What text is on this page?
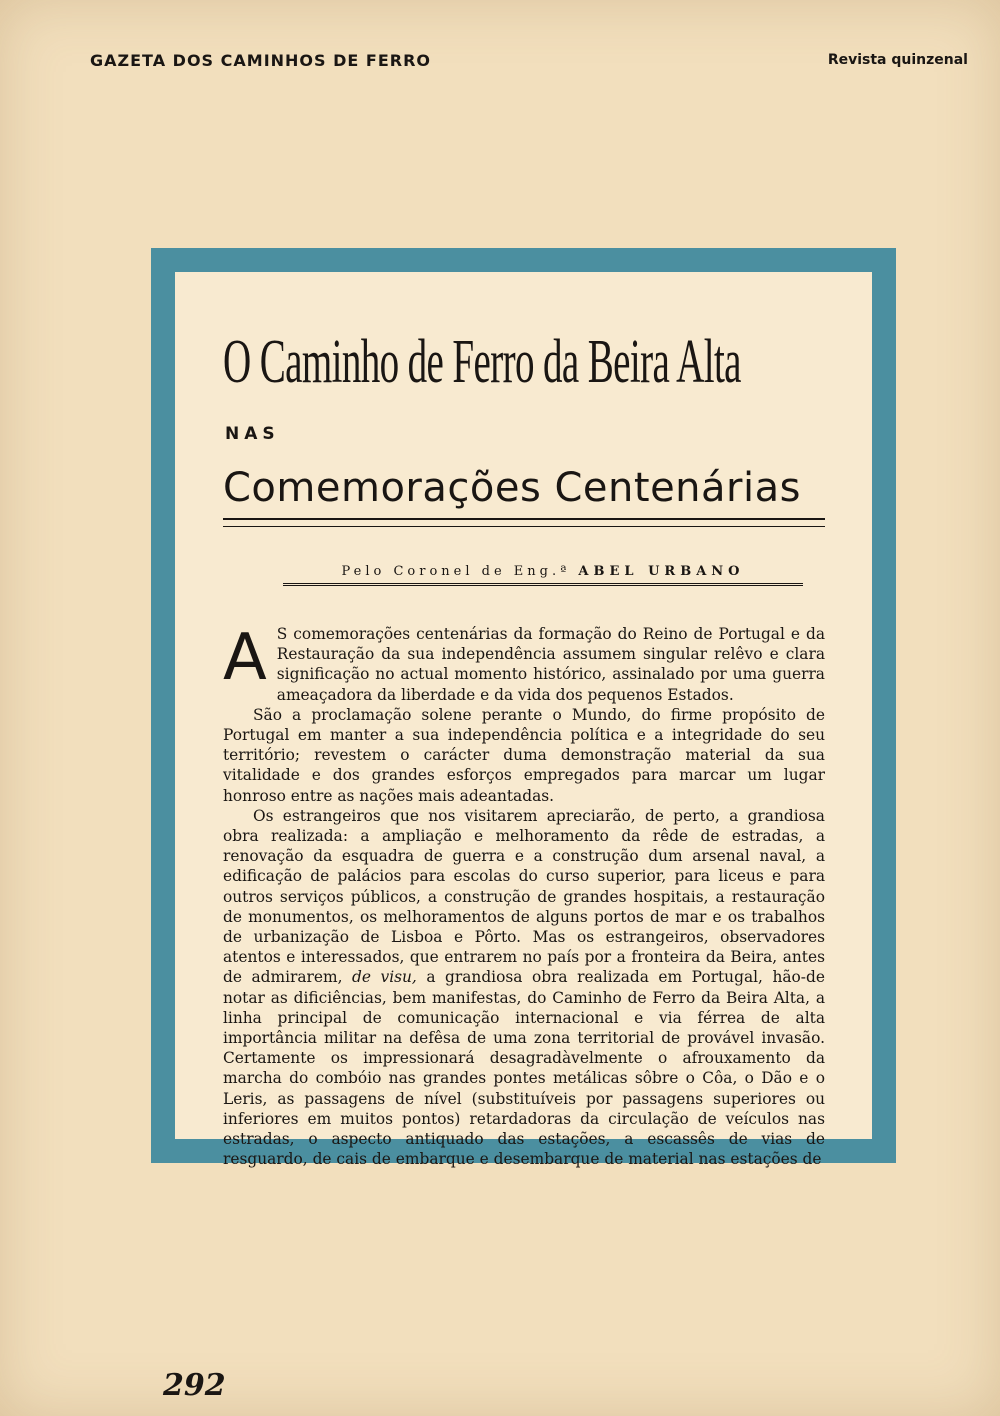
GAZETA DOS CAMINHOS DE FERRO	Revista quinzenal
O Caminho de Ferro da Beira Alta
NAS
Comemorações Centenárias
Pelo Coronel de Eng.ª ABEL URBANO
A S comemorações centenárias da formação do Reino de Portugal e da Restauração da sua independência assumem singular relêvo e clara significação no actual momento histórico, assinalado por uma guerra ameaçadora da liberdade e da vida dos pequenos Estados.

São a proclamação solene perante o Mundo, do firme propósito de Portugal em manter a sua independência política e a integridade do seu território; revestem o carácter duma demonstração material da sua vitalidade e dos grandes esforços empregados para marcar um lugar honroso entre as nações mais adeantadas.

Os estrangeiros que nos visitarem apreciarão, de perto, a grandiosa obra realizada: a ampliação e melhoramento da rêde de estradas, a renovação da esquadra de guerra e a construção dum arsenal naval, a edificação de palácios para escolas do curso superior, para liceus e para outros serviços públicos, a construção de grandes hospitais, a restauração de monumentos, os melhoramentos de alguns portos de mar e os trabalhos de urbanização de Lisboa e Pôrto. Mas os estrangeiros, observadores atentos e interessados, que entrarem no país por a fronteira da Beira, antes de admirarem, de visu, a grandiosa obra realizada em Portugal, hão-de notar as dificiências, bem manifestas, do Caminho de Ferro da Beira Alta, a linha principal de comunicação internacional e via férrea de alta importância militar na defêsa de uma zona territorial de provável invasão. Certamente os impressionará desagradàvelmente o afrouxamento da marcha do combóio nas grandes pontes metálicas sôbre o Côa, o Dão e o Leris, as passagens de nível (substituíveis por passagens superiores ou inferiores em muitos pontos) retardadoras da circulação de veículos nas estradas, o aspecto antiquado das estações, a escassês de vias de resguardo, de cais de embarque e desembarque de material nas estações de

292
